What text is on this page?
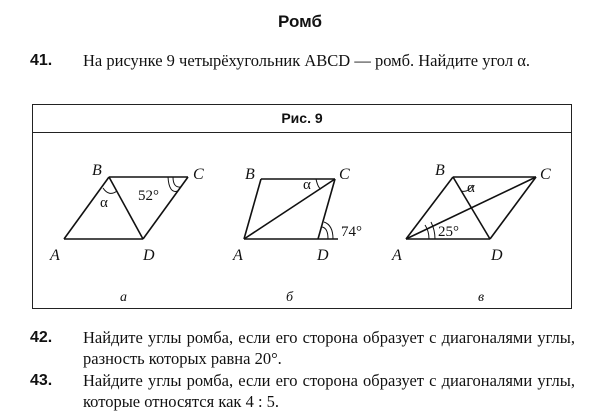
Ромб
41. На рисунке 9 четырёхугольник ABCD — ромб. Найдите угол α.
Рис. 9
B	C
A	D
α 52°
а
B	C
A	D
α
74°
б
B	C
A	D
α
25°
в
42. Найдите углы ромба, если его сторона образует с диагоналями углы, разность которых равна 20°.
43. Найдите углы ромба, если его сторона образует с диагоналями углы, которые относятся как 4 : 5.
